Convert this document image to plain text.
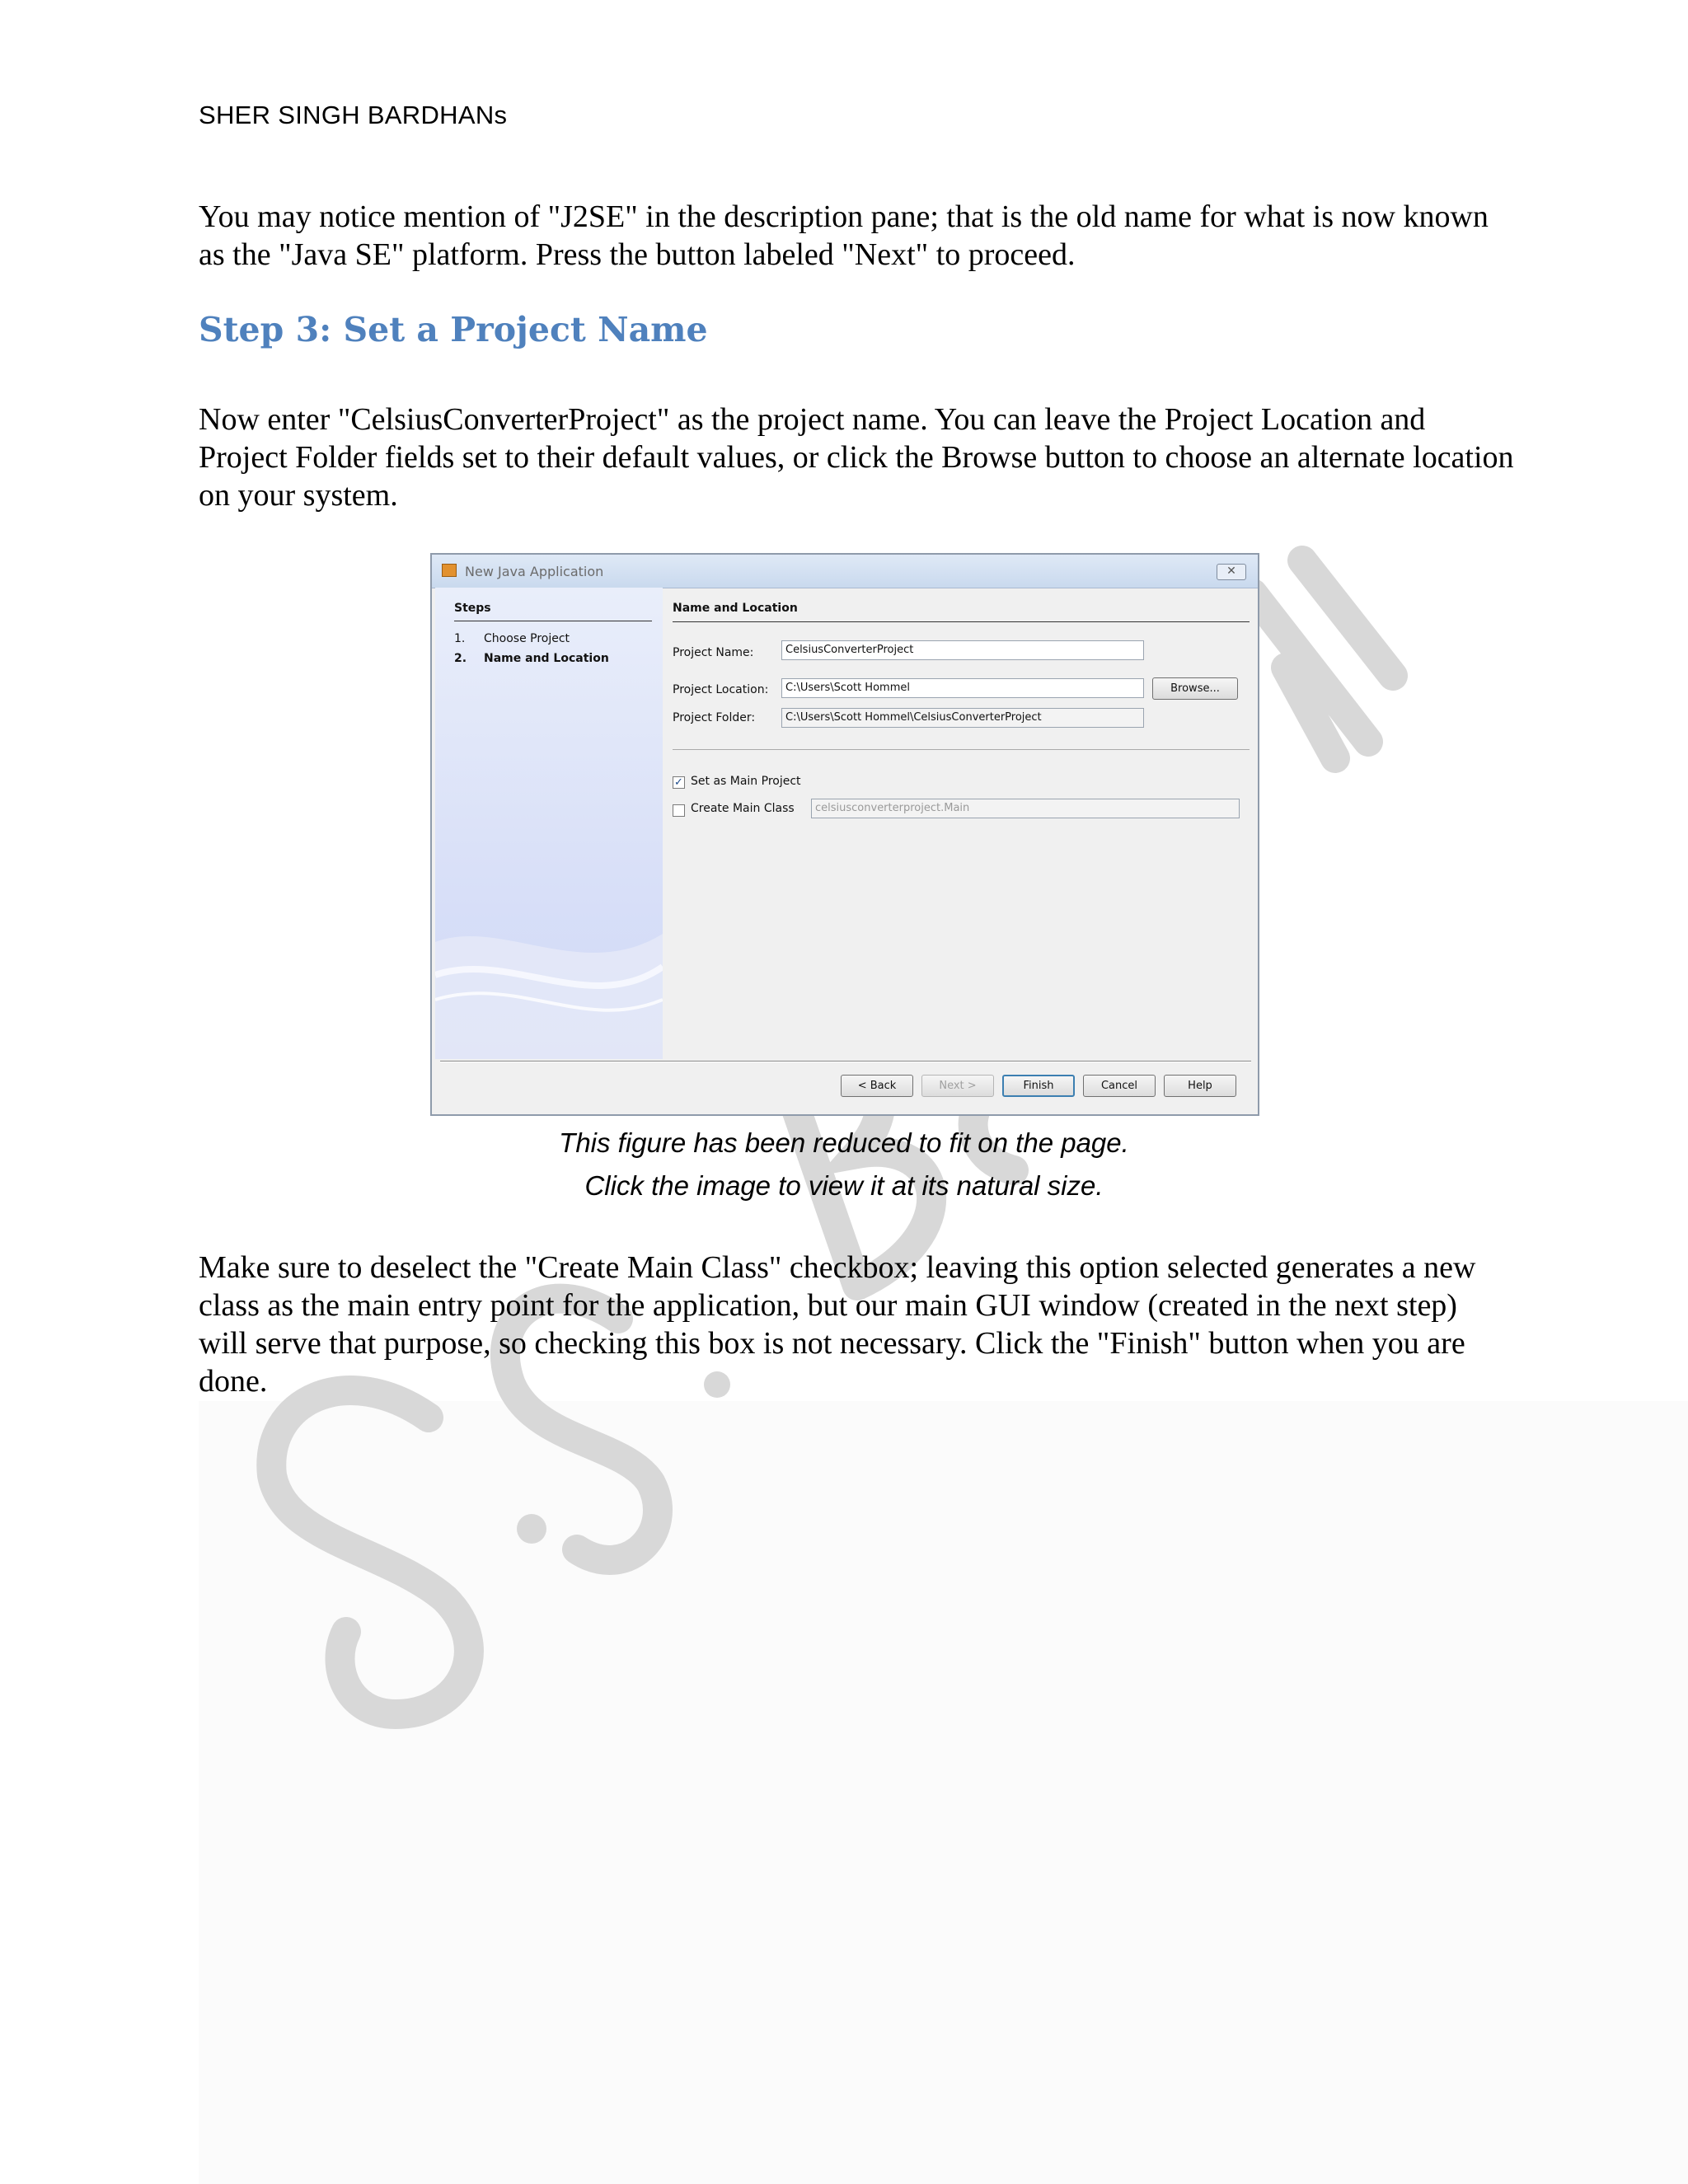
SHER SINGH BARDHANs
You may notice mention of "J2SE" in the description pane; that is the old name for what is now known as the "Java SE" platform. Press the button labeled "Next" to proceed.
Step 3: Set a Project Name
Now enter "CelsiusConverterProject" as the project name. You can leave the Project Location and Project Folder fields set to their default values, or click the Browse button to choose an alternate location on your system.
New Java Application	✕
Steps
1. Choose Project
2. Name and Location
Name and Location
Project Name:	CelsiusConverterProject
Project Location:	C:\Users\Scott Hommel	Browse...
Project Folder:	C:\Users\Scott Hommel\CelsiusConverterProject
✓ Set as Main Project
Create Main Class	celsiusconverterproject.Main
< Back	Next >	Finish	Cancel	Help
This figure has been reduced to fit on the page.
Click the image to view it at its natural size.
Make sure to deselect the "Create Main Class" checkbox; leaving this option selected generates a new class as the main entry point for the application, but our main GUI window (created in the next step) will serve that purpose, so checking this box is not necessary. Click the "Finish" button when you are done.
